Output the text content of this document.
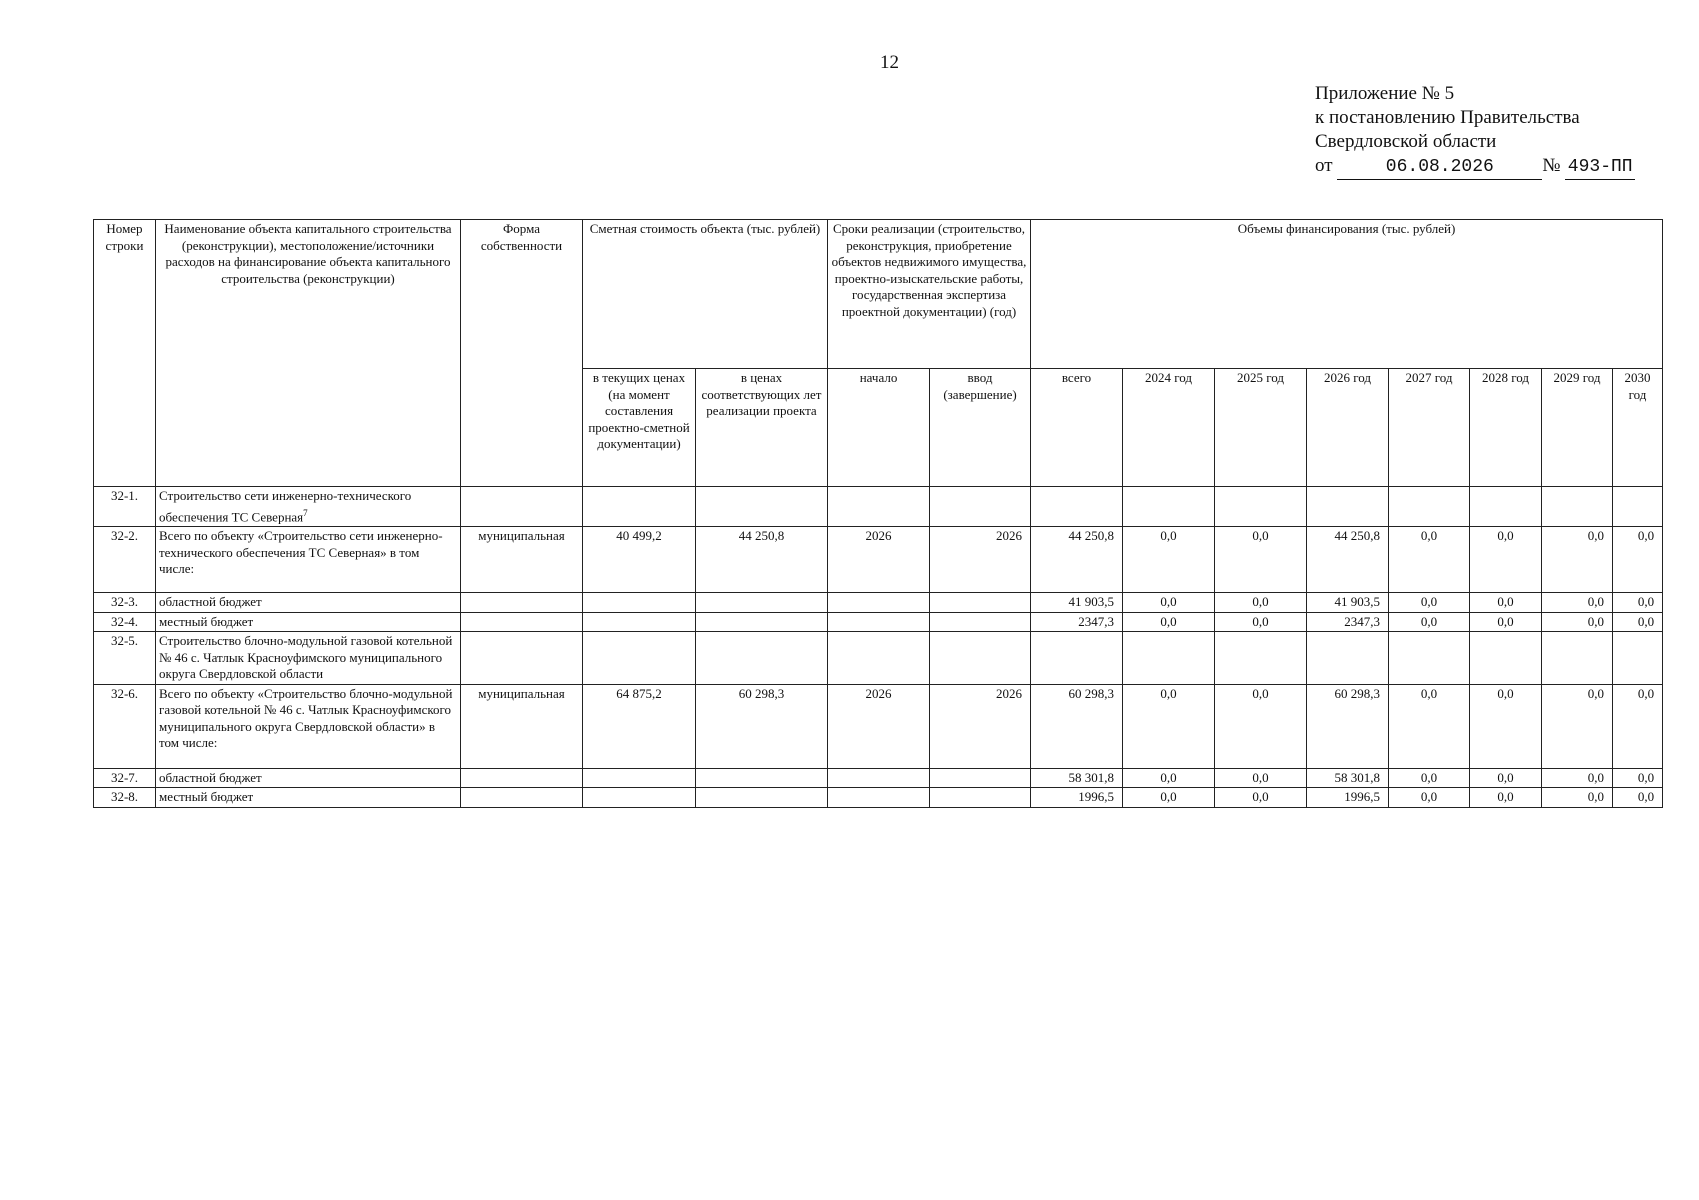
12
Приложение № 5
к постановлению Правительства
Свердловской области
от	06.08.2026	№ 493-ПП
Номер строки	Наименование объекта капитального строительства (реконструкции), местоположение/источники расходов на финансирование объекта капитального строительства (реконструкции)	Форма собственности	Сметная стоимость объекта (тыс. рублей)		Сроки реализации (строительство, реконструкция, приобретение объектов недвижимого имущества, проектно-изыскательские работы, государственная экспертиза проектной документации) (год)		Объемы финансирования (тыс. рублей)							
			в текущих ценах (на момент составления проектно-сметной документации)	в ценах соответствующих лет реализации проекта	начало	ввод (завершение)	всего	2024 год	2025 год	2026 год	2027 год	2028 год	2029 год	2030 год
32-1.	Строительство сети инженерно-технического обеспечения ТС Северная$^7$													
32-2.	Всего по объекту «Строительство сети инженерно-технического обеспечения ТС Северная» в том числе:	муниципальная	40 499,2	44 250,8	2026	2026	44 250,8	0,0	0,0	44 250,8	0,0	0,0	0,0	0,0
32-3.	областной бюджет						41 903,5	0,0	0,0	41 903,5	0,0	0,0	0,0	0,0
32-4.	местный бюджет						2347,3	0,0	0,0	2347,3	0,0	0,0	0,0	0,0
32-5.	Строительство блочно-модульной газовой котельной № 46 с. Чатлык Красноуфимского муниципального округа Свердловской области													
32-6.	Всего по объекту «Строительство блочно-модульной газовой котельной № 46 с. Чатлык Красноуфимского муниципального округа Свердловской области» в том числе:	муниципальная	64 875,2	60 298,3	2026	2026	60 298,3	0,0	0,0	60 298,3	0,0	0,0	0,0	0,0
32-7.	областной бюджет						58 301,8	0,0	0,0	58 301,8	0,0	0,0	0,0	0,0
32-8.	местный бюджет						1996,5	0,0	0,0	1996,5	0,0	0,0	0,0	0,0
